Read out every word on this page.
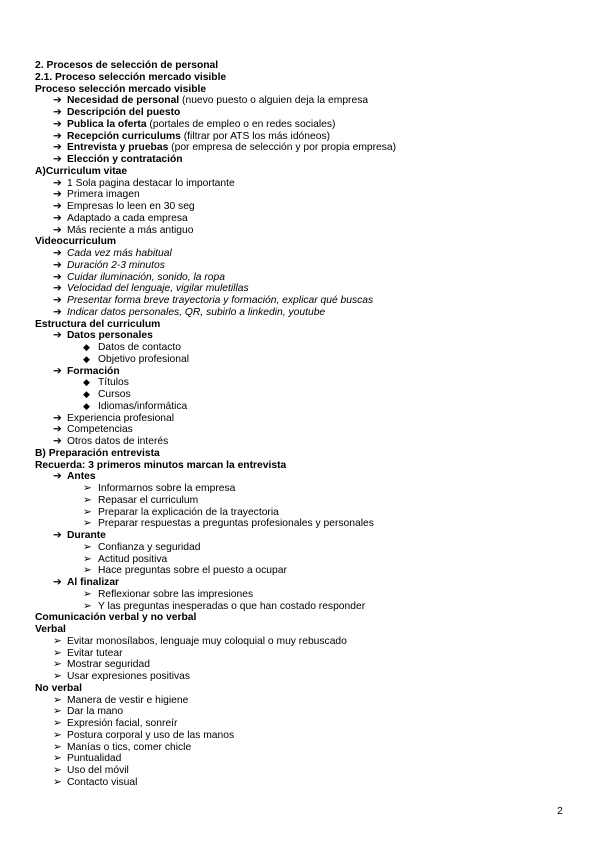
2. Procesos de selección de personal
2.1. Proceso selección mercado visible
Proceso selección mercado visible
➔ Necesidad de personal (nuevo puesto o alguien deja la empresa
➔ Descripción del puesto
➔ Publica la oferta (portales de empleo o en redes sociales)
➔ Recepción curriculums (filtrar por ATS los más idóneos)
➔ Entrevista y pruebas (por empresa de selección y por propia empresa)
➔ Elección y contratación
A)Curriculum vitae
➔ 1 Sola pagina destacar lo importante
➔ Primera imagen
➔ Empresas lo leen en 30 seg
➔ Adaptado a cada empresa
➔ Más reciente a más antiguo
Videocurriculum
➔ Cada vez más habitual
➔ Duración 2-3 minutos
➔ Cuidar iluminación, sonido, la ropa
➔ Velocidad del lenguaje, vigilar muletillas
➔ Presentar forma breve trayectoria y formación, explicar qué buscas
➔ Indicar datos personales, QR, subirlo a linkedin, youtube
Estructura del curriculum
➔ Datos personales
◆ Datos de contacto
◆ Objetivo profesional
➔ Formación
◆ Títulos
◆ Cursos
◆ Idiomas/informática
➔ Experiencia profesional
➔ Competencias
➔ Otros datos de interés
B) Preparación entrevista
Recuerda: 3 primeros minutos marcan la entrevista
➔ Antes
➢ Informarnos sobre la empresa
➢ Repasar el curriculum
➢ Preparar la explicación de la trayectoria
➢ Preparar respuestas a preguntas profesionales y personales
➔ Durante
➢ Confianza y seguridad
➢ Actitud positiva
➢ Hace preguntas sobre el puesto a ocupar
➔ Al finalizar
➢ Reflexionar sobre las impresiones
➢ Y las preguntas inesperadas o que han costado responder
Comunicación verbal y no verbal
Verbal
➢ Evitar monosílabos, lenguaje muy coloquial o muy rebuscado
➢ Evitar tutear
➢ Mostrar seguridad
➢ Usar expresiones positivas
No verbal
➢ Manera de vestir e higiene
➢ Dar la mano
➢ Expresión facial, sonreír
➢ Postura corporal y uso de las manos
➢ Manías o tics, comer chicle
➢ Puntualidad
➢ Uso del móvil
➢ Contacto visual
2
